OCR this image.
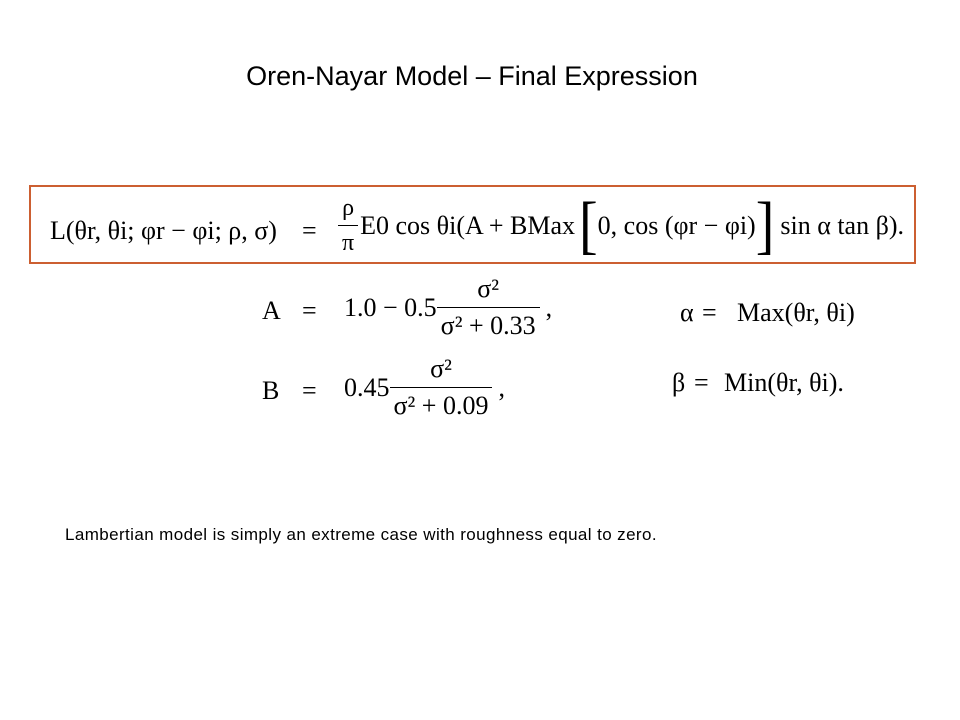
Oren-Nayar Model – Final Expression
L(θr, θi; φr − φi; ρ, $\sigma) = \frac{\rho}{\pi} E0$ cos θi(A + BMax [ 0, cos (φr − φi) ] sin α tan β).
$A = 1.0 - 0.5 \frac{\text{σ²}}{\text{σ² + 0.33}}$ ,
$B = 0.45 \frac{\text{σ²}}{\text{σ² + 0.09}}$ ,
α = Max(θr, θi)
β = Min(θr, θi).
Lambertian model is simply an extreme case with roughness equal to zero.
